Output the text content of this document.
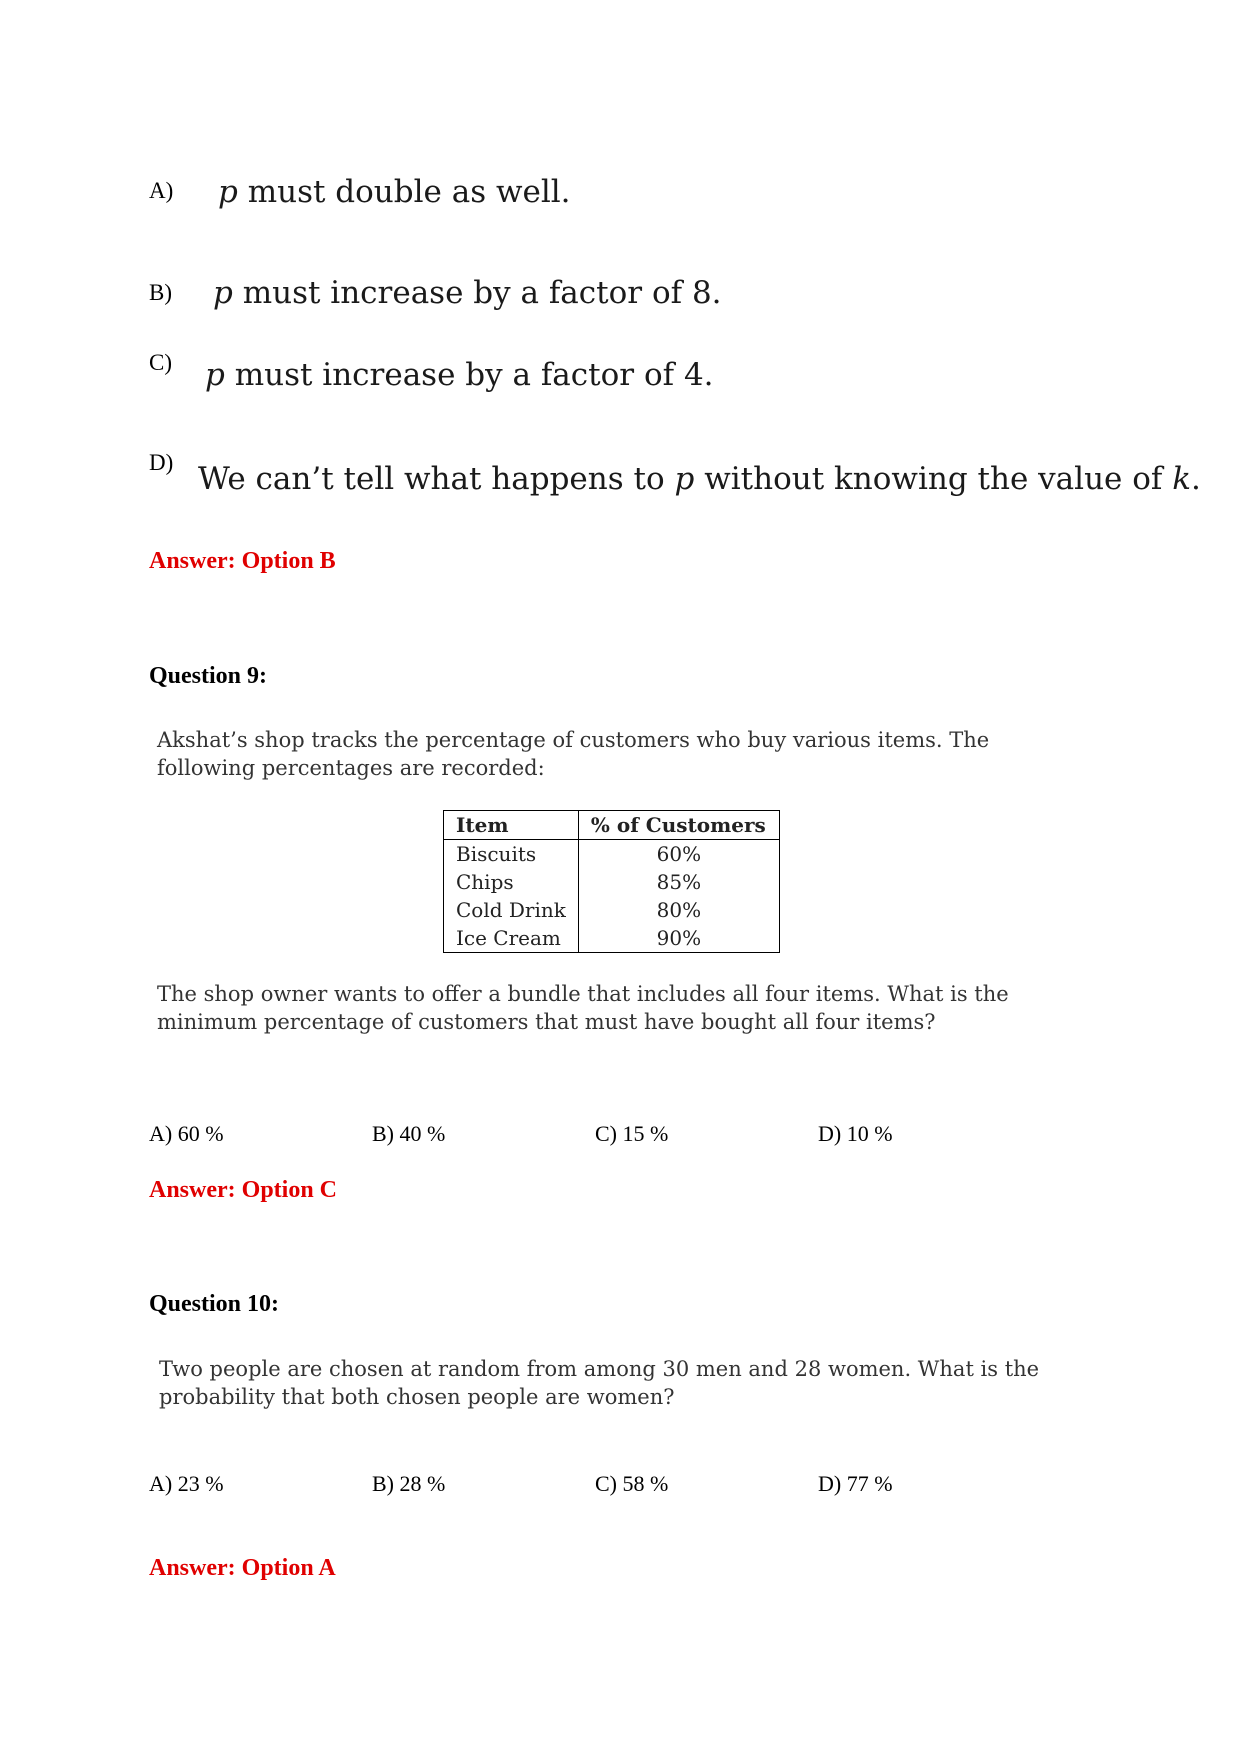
A) p must double as well.
B) p must increase by a factor of 8.
C) p must increase by a factor of 4.
D) We can’t tell what happens to p without knowing the value of k.
Answer: Option B
Question 9:
Akshat’s shop tracks the percentage of customers who buy various items. The following percentages are recorded:
Item	% of Customers
Biscuits	60%
Chips	85%
Cold Drink	80%
Ice Cream	90%
The shop owner wants to offer a bundle that includes all four items. What is the minimum percentage of customers that must have bought all four items?
A) 60 %	B) 40 %	C) 15 %	D) 10 %
Answer: Option C
Question 10:
Two people are chosen at random from among 30 men and 28 women. What is the probability that both chosen people are women?
A) 23 %	B) 28 %	C) 58 %	D) 77 %
Answer: Option A
